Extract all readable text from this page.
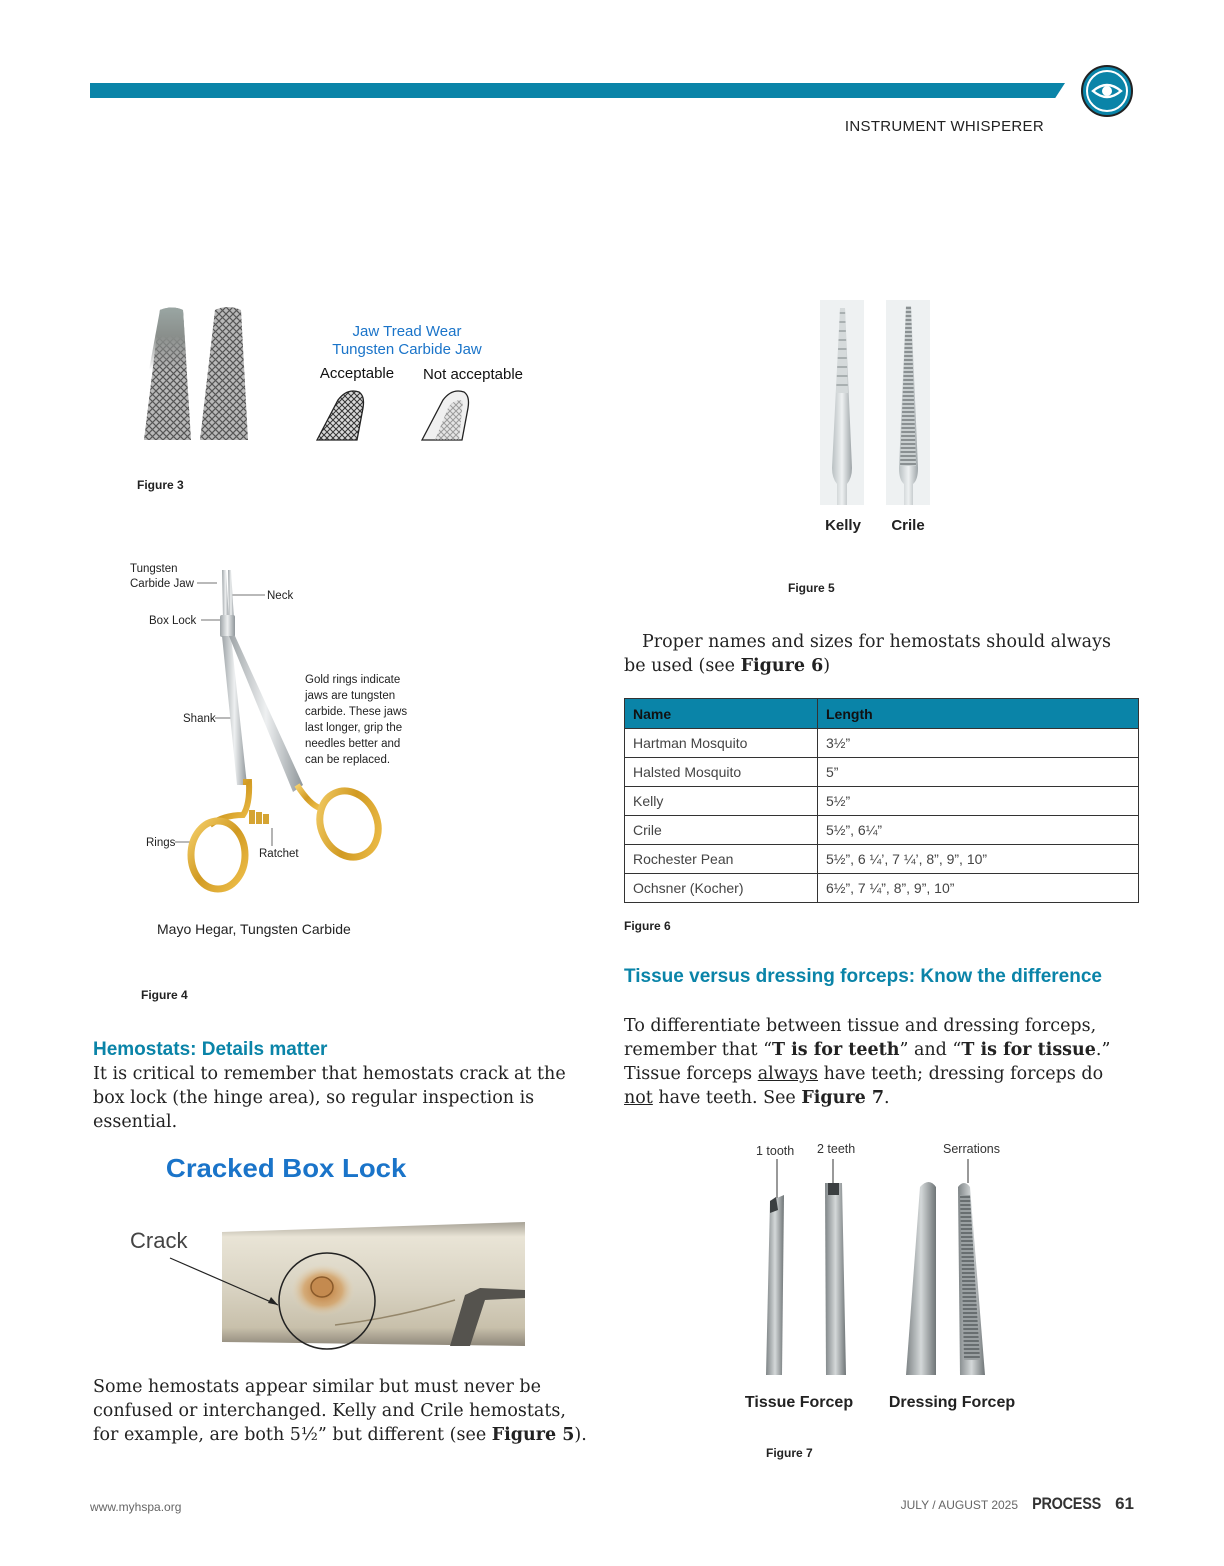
INSTRUMENT WHISPERER
Jaw Tread Wear
Tungsten Carbide Jaw
Acceptable Not acceptable
Figure 3
Kelly Crile
Figure 5
Tungsten
Carbide Jaw
Neck
Box Lock
Shank
Gold rings indicate
jaws are tungsten
carbide. These jaws
last longer, grip the
needles better and
can be replaced.
Rings
Ratchet
Mayo Hegar, Tungsten Carbide
Figure 4
Proper names and sizes for hemostats should always be used (see Figure 6)
Name	Length
Hartman Mosquito	3½”
Halsted Mosquito	5”
Kelly	5½”
Crile	5½”, 6¼”
Rochester Pean	5½”, 6 ¼’, 7 ¼’, 8”, 9”, 10”
Ochsner (Kocher)	6½”, 7 ¼”, 8”, 9”, 10”
Figure 6
Tissue versus dressing forceps: Know the difference
To differentiate between tissue and dressing forceps, remember that “T is for teeth” and “T is for tissue.” Tissue forceps always have teeth; dressing forceps do not have teeth. See Figure 7.
Hemostats: Details matter
It is critical to remember that hemostats crack at the box lock (the hinge area), so regular inspection is essential.
Cracked Box Lock
Crack
Some hemostats appear similar but must never be confused or interchanged. Kelly and Crile hemostats, for example, are both 5½” but different (see Figure 5).
1 tooth 2 teeth	Serrations
Tissue Forcep Dressing Forcep
Figure 7
www.myhspa.org	JULY / AUGUST 2025 PROCESS 61
